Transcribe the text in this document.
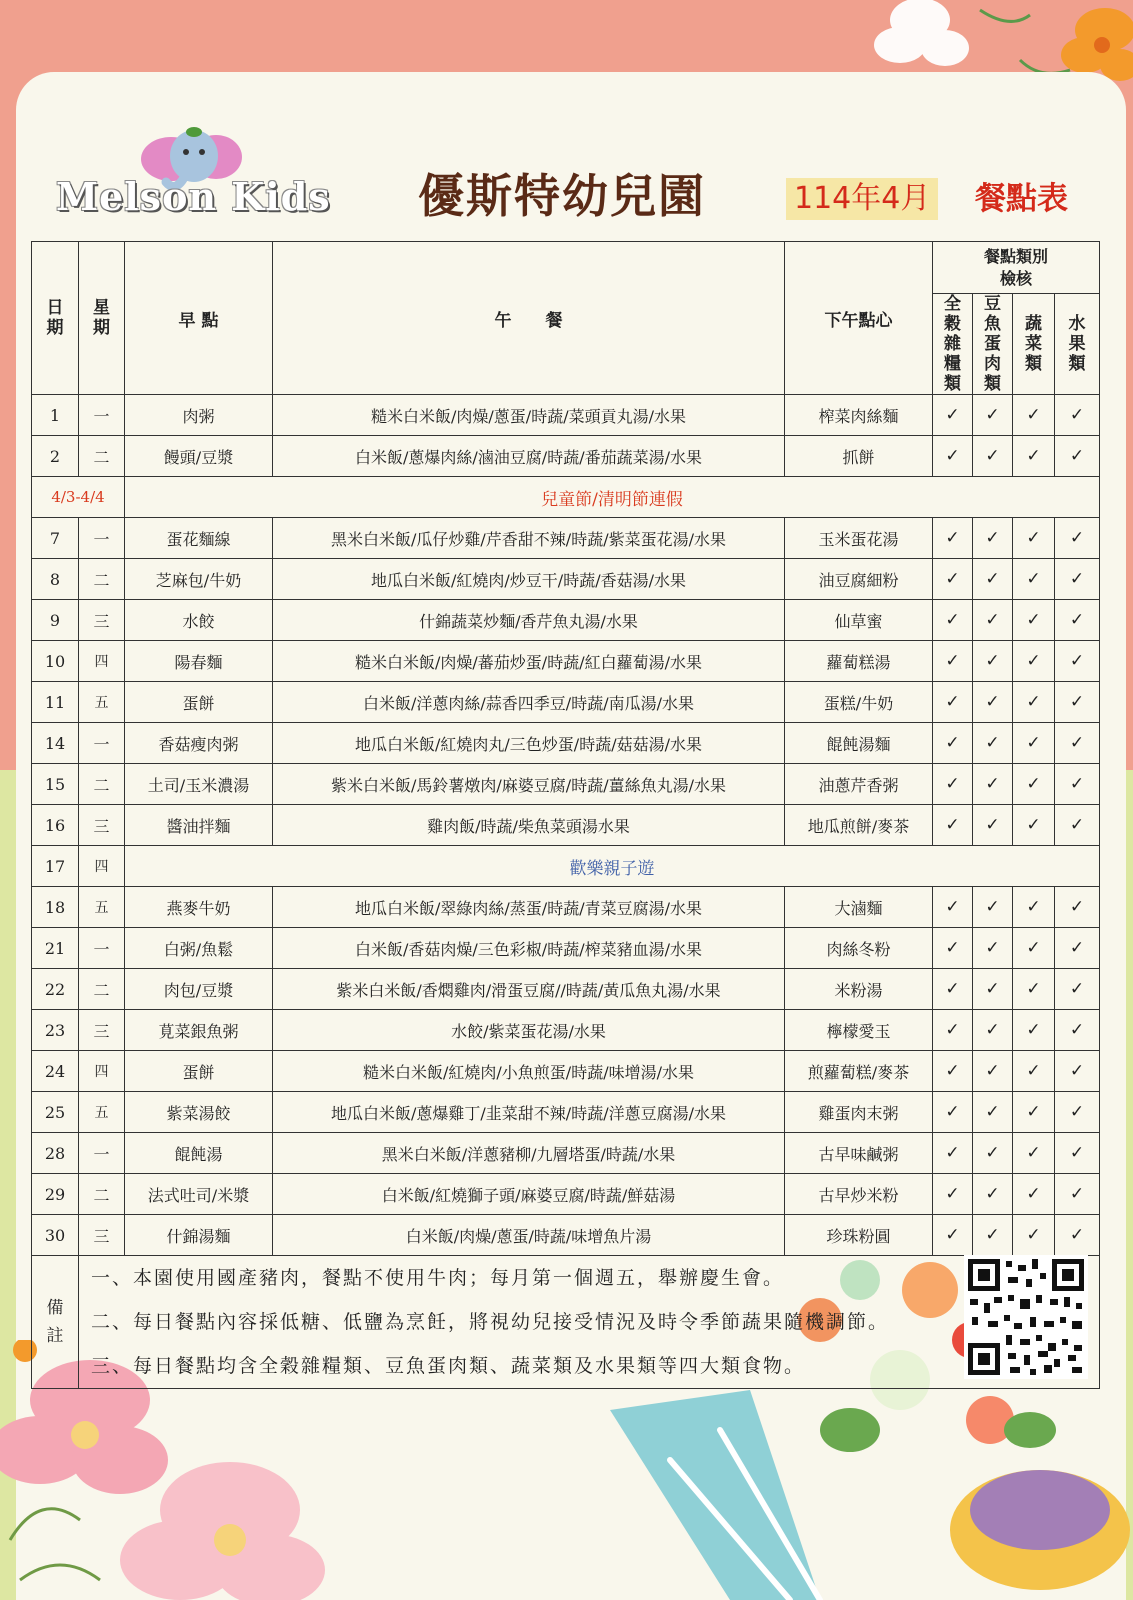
Melson Kids 優斯特幼兒園	114年4月 餐點表
日期	星期	早 點	午　　餐	下午點心	餐點類別檢核			
					全穀雜糧類	豆魚蛋肉類	蔬菜類	水果類
1	一	肉粥	糙米白米飯/肉燥/蔥蛋/時蔬/菜頭貢丸湯/水果	榨菜肉絲麵	✓	✓	✓	✓
2	二	饅頭/豆漿	白米飯/蔥爆肉絲/滷油豆腐/時蔬/番茄蔬菜湯/水果	抓餅	✓	✓	✓	✓
4/3-4/4		兒童節/清明節連假						
7	一	蛋花麵線	黑米白米飯/瓜仔炒雞/芹香甜不辣/時蔬/紫菜蛋花湯/水果	玉米蛋花湯	✓	✓	✓	✓
8	二	芝麻包/牛奶	地瓜白米飯/紅燒肉/炒豆干/時蔬/香菇湯/水果	油豆腐細粉	✓	✓	✓	✓
9	三	水餃	什錦蔬菜炒麵/香芹魚丸湯/水果	仙草蜜	✓	✓	✓	✓
10	四	陽春麵	糙米白米飯/肉燥/蕃茄炒蛋/時蔬/紅白蘿蔔湯/水果	蘿蔔糕湯	✓	✓	✓	✓
11	五	蛋餅	白米飯/洋蔥肉絲/蒜香四季豆/時蔬/南瓜湯/水果	蛋糕/牛奶	✓	✓	✓	✓
14	一	香菇瘦肉粥	地瓜白米飯/紅燒肉丸/三色炒蛋/時蔬/菇菇湯/水果	餛飩湯麵	✓	✓	✓	✓
15	二	土司/玉米濃湯	紫米白米飯/馬鈴薯燉肉/麻婆豆腐/時蔬/薑絲魚丸湯/水果	油蔥芹香粥	✓	✓	✓	✓
16	三	醬油拌麵	雞肉飯/時蔬/柴魚菜頭湯水果	地瓜煎餅/麥茶	✓	✓	✓	✓
17	四	歡樂親子遊						
18	五	燕麥牛奶	地瓜白米飯/翠綠肉絲/蒸蛋/時蔬/青菜豆腐湯/水果	大滷麵	✓	✓	✓	✓
21	一	白粥/魚鬆	白米飯/香菇肉燥/三色彩椒/時蔬/榨菜豬血湯/水果	肉絲冬粉	✓	✓	✓	✓
22	二	肉包/豆漿	紫米白米飯/香燜雞肉/滑蛋豆腐//時蔬/黃瓜魚丸湯/水果	米粉湯	✓	✓	✓	✓
23	三	莧菜銀魚粥	水餃/紫菜蛋花湯/水果	檸檬愛玉	✓	✓	✓	✓
24	四	蛋餅	糙米白米飯/紅燒肉/小魚煎蛋/時蔬/味增湯/水果	煎蘿蔔糕/麥茶	✓	✓	✓	✓
25	五	紫菜湯餃	地瓜白米飯/蔥爆雞丁/韭菜甜不辣/時蔬/洋蔥豆腐湯/水果	雞蛋肉末粥	✓	✓	✓	✓
28	一	餛飩湯	黑米白米飯/洋蔥豬柳/九層塔蛋/時蔬/水果	古早味鹹粥	✓	✓	✓	✓
29	二	法式吐司/米漿	白米飯/紅燒獅子頭/麻婆豆腐/時蔬/鮮菇湯	古早炒米粉	✓	✓	✓	✓
30	三	什錦湯麵	白米飯/肉燥/蔥蛋/時蔬/味增魚片湯	珍珠粉圓	✓	✓	✓	✓
備註	一、本園使用國產豬肉，餐點不使用牛肉；每月第一個週五，舉辦慶生會。
二、每日餐點內容採低糖、低鹽為烹飪，將視幼兒接受情況及時令季節蔬果隨機調節。
三、每日餐點均含全穀雜糧類、豆魚蛋肉類、蔬菜類及水果類等四大類食物。							
